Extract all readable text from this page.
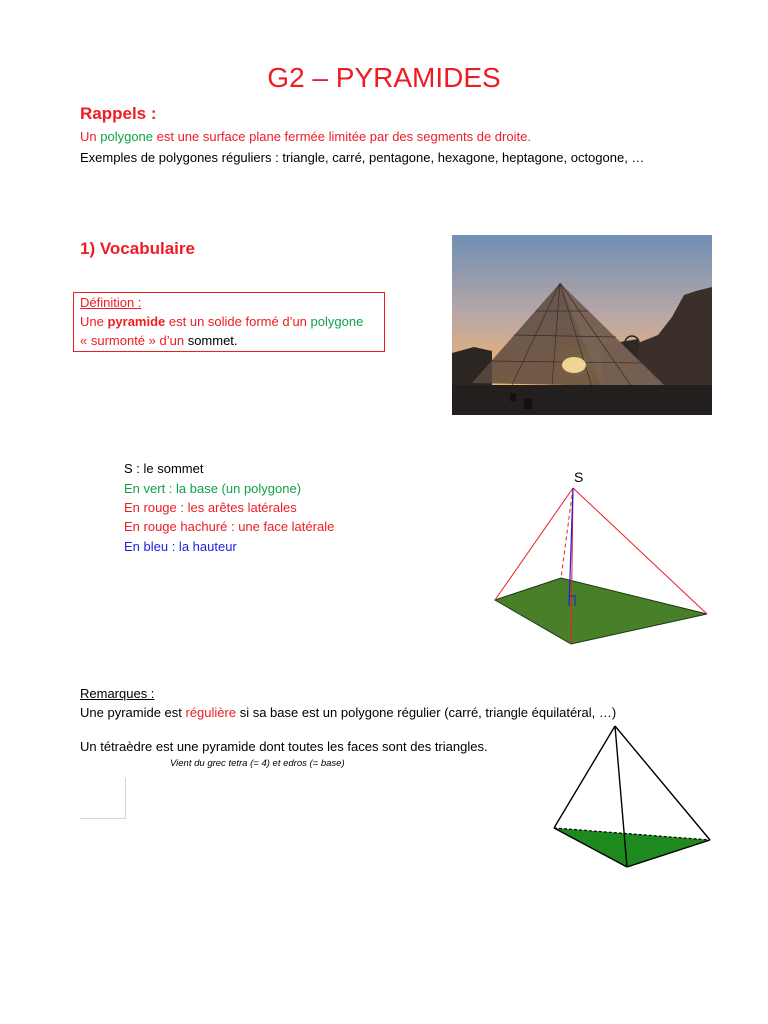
G2 – PYRAMIDES
Rappels :
Un polygone est une surface plane fermée limitée par des segments de droite.
Exemples de polygones réguliers : triangle, carré, pentagone, hexagone, heptagone, octogone, …
1) Vocabulaire
Définition :
Une pyramide est un solide formé d’un polygone
« surmonté » d’un sommet.
S : le sommet
En vert : la base (un polygone)
En rouge : les arêtes latérales
En rouge hachuré : une face latérale
En bleu : la hauteur
S
Remarques :
Une pyramide est régulière si sa base est un polygone régulier (carré, triangle équilatéral, …)
Un tétraèdre est une pyramide dont toutes les faces sont des triangles.
Vient du grec tetra (= 4) et edros (= base)
